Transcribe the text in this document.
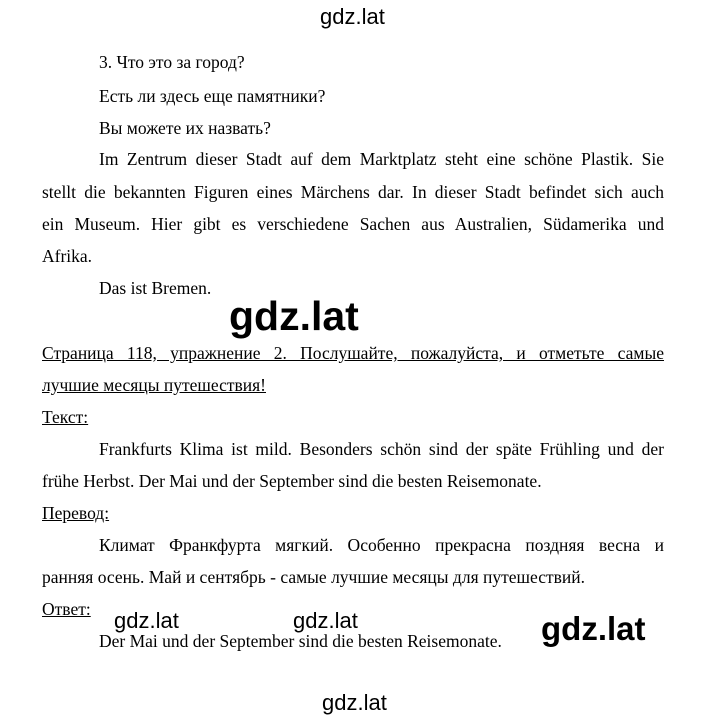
gdz.lat
gdz.lat
3. Что это за город?
Есть ли здесь еще памятники?
Вы можете их назвать?
Im Zentrum dieser Stadt auf dem Marktplatz steht eine schöne Plastik. Sie
stellt die bekannten Figuren eines Märchens dar. In dieser Stadt befindet sich auch
ein Museum. Hier gibt es verschiedene Sachen aus Australien, Südamerika und
Afrika.
Das ist Bremen.
Страница 118, упражнение 2. Послушайте, пожалуйста, и отметьте самые
лучшие месяцы путешествия!
Текст:
Frankfurts Klima ist mild. Besonders schön sind der späte Frühling und der
frühe Herbst. Der Mai und der September sind die besten Reisemonate.
Перевод:
Климат Франкфурта мягкий. Особенно прекрасна поздняя весна и
ранняя осень. Май и сентябрь - самые лучшие месяцы для путешествий.
Ответ:
Der Mai und der September sind die besten Reisemonate.
gdz.lat	gdz.lat	gdz.lat
gdz.lat
